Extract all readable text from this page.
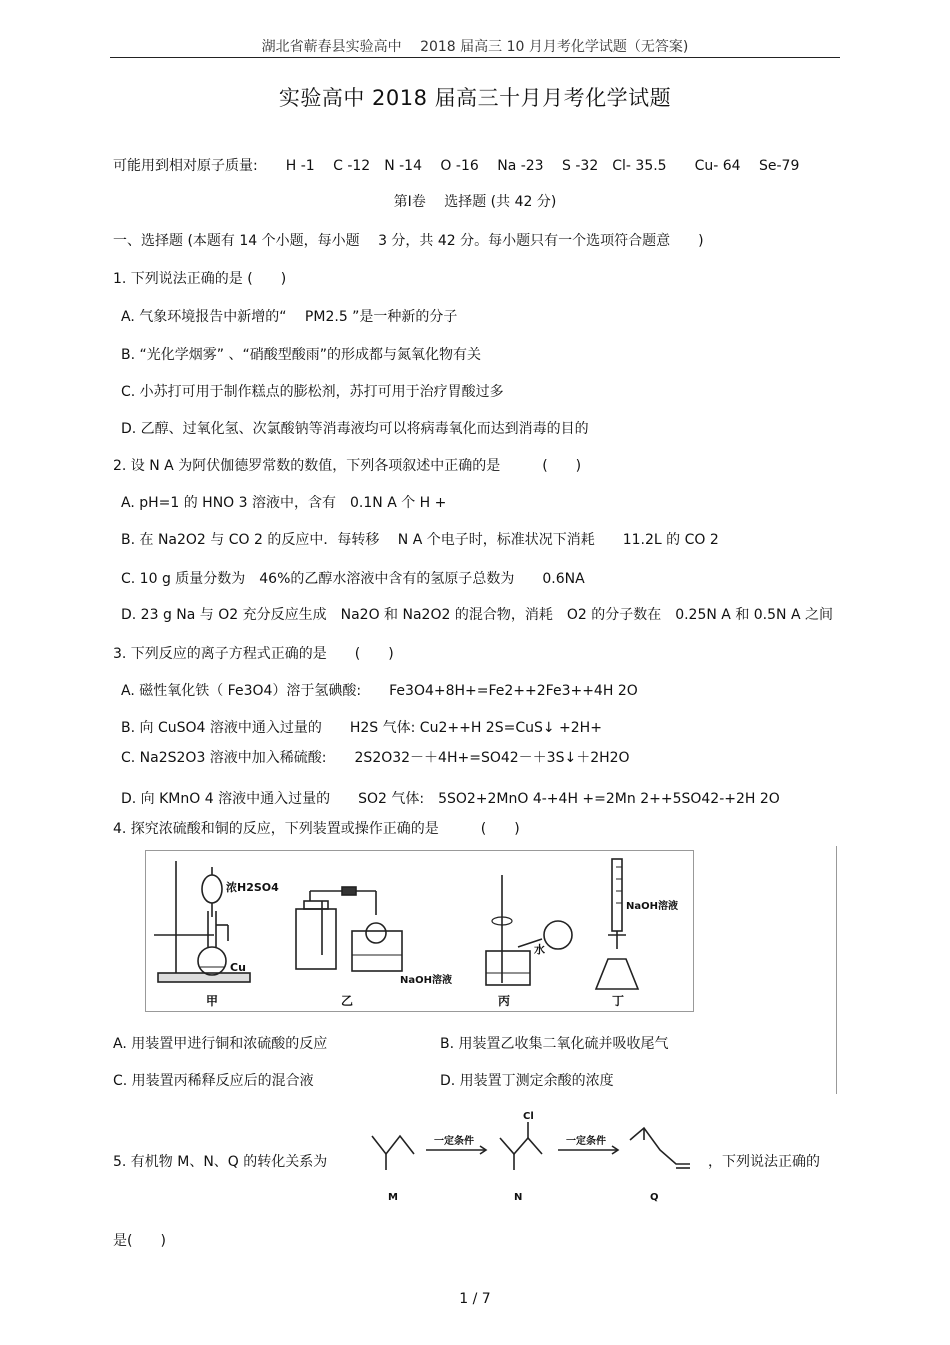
湖北省蕲春县实验高中　 2018 届高三 10 月月考化学试题（无答案)
实验高中 2018 届高三十月月考化学试题
可能用到相对原子质量:　　H -1　 C -12　N -14　 O -16　 Na -23　 S -32　Cl- 35.5　　Cu- 64　 Se-79
第Ⅰ卷　 选择题 (共 42 分)
一、选择题 (本题有 14 个小题，每小题　 3 分，共 42 分。每小题只有一个选项符合题意　　)
1. 下列说法正确的是 (　　)
A. 气象环境报告中新增的“　 PM2.5 ”是一种新的分子
B. “光化学烟雾” 、“硝酸型酸雨”的形成都与氮氧化物有关
C. 小苏打可用于制作糕点的膨松剂，苏打可用于治疗胃酸过多
D. 乙醇、过氧化氢、次氯酸钠等消毒液均可以将病毒氧化而达到消毒的目的
2. 设 N A 为阿伏伽德罗常数的数值，下列各项叙述中正确的是　　　(　　)
A. pH=1 的 HNO 3 溶液中，含有　0.1N A 个 H +
B. 在 Na2O2 与 CO 2 的反应中．每转移　 N A 个电子时，标准状况下消耗　　11.2L 的 CO 2
C. 10 g 质量分数为　46%的乙醇水溶液中含有的氢原子总数为　　0.6NA
D. 23 g Na 与 O2 充分反应生成　Na2O 和 Na2O2 的混合物，消耗　O2 的分子数在　0.25N A 和 0.5N A 之间
3. 下列反应的离子方程式正确的是　　(　　)
A. 磁性氧化铁（ Fe3O4）溶于氢碘酸:　　Fe3O4+8H+=Fe2++2Fe3++4H 2O
B. 向 CuSO4 溶液中通入过量的　　H2S 气体: Cu2++H 2S=CuS↓ +2H+
C. Na2S2O3 溶液中加入稀硫酸:　　2S2O32－＋4H+=SO42－＋3S↓＋2H2O
D. 向 KMnO 4 溶液中通入过量的　　SO2 气体:　5SO2+2MnO 4-+4H +=2Mn 2++5SO42-+2H 2O
4. 探究浓硫酸和铜的反应，下列装置或操作正确的是　　　(　　)
浓H2SO4
Cu
NaOH溶液
水
NaOH溶液
甲	乙	丙	丁
A. 用装置甲进行铜和浓硫酸的反应	B. 用装置乙收集二氧化硫并吸收尾气
C. 用装置丙稀释反应后的混合液	D. 用装置丁测定余酸的浓度
5. 有机物 M、N、Q 的转化关系为
一定条件	一定条件
Cl
M	N	Q
，下列说法正确的
是(　　)
1 / 7
